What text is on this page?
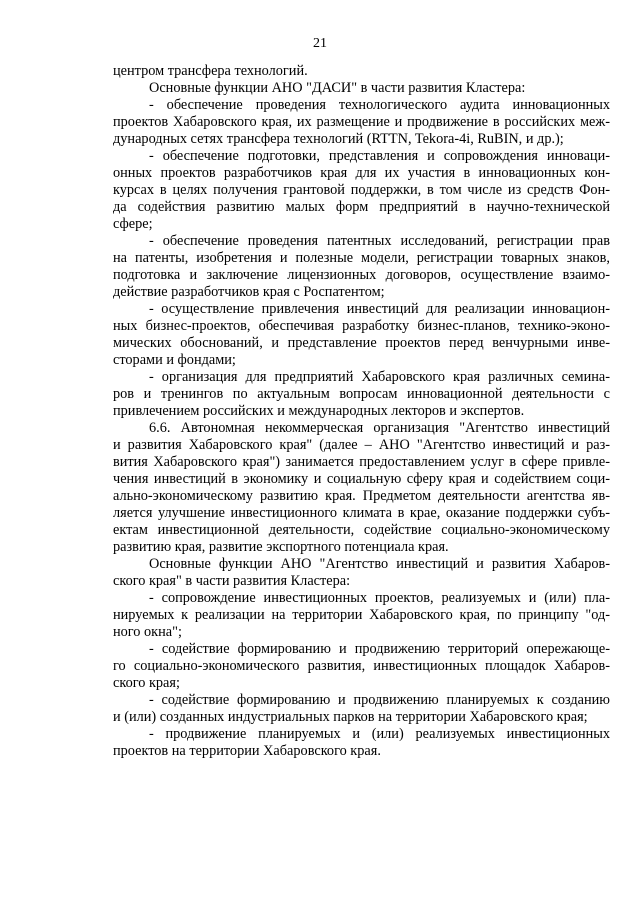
21
центром трансфера технологий.
Основные функции АНО "ДАСИ" в части развития Кластера:
- обеспечение проведения технологического аудита инновационных
проектов Хабаровского края, их размещение и продвижение в российских меж-
дународных сетях трансфера технологий (RTTN, Tekora-4i, RuBIN, и др.);
- обеспечение подготовки, представления и сопровождения инноваци-
онных проектов разработчиков края для их участия в инновационных кон-
курсах в целях получения грантовой поддержки, в том числе из средств Фон-
да содействия развитию малых форм предприятий в научно-технической
сфере;
- обеспечение проведения патентных исследований, регистрации прав
на патенты, изобретения и полезные модели, регистрации товарных знаков,
подготовка и заключение лицензионных договоров, осуществление взаимо-
действие разработчиков края с Роспатентом;
- осуществление привлечения инвестиций для реализации инновацион-
ных бизнес-проектов, обеспечивая разработку бизнес-планов, технико-эконо-
мических обоснований, и представление проектов перед венчурными инве-
сторами и фондами;
- организация для предприятий Хабаровского края различных семина-
ров и тренингов по актуальным вопросам инновационной деятельности с
привлечением российских и международных лекторов и экспертов.
6.6. Автономная некоммерческая организация "Агентство инвестиций
и развития Хабаровского края" (далее – АНО "Агентство инвестиций и раз-
вития Хабаровского края") занимается предоставлением услуг в сфере привле-
чения инвестиций в экономику и социальную сферу края и содействием соци-
ально-экономическому развитию края. Предметом деятельности агентства яв-
ляется улучшение инвестиционного климата в крае, оказание поддержки субъ-
ектам инвестиционной деятельности, содействие социально-экономическому
развитию края, развитие экспортного потенциала края.
Основные функции АНО "Агентство инвестиций и развития Хабаров-
ского края" в части развития Кластера:
- сопровождение инвестиционных проектов, реализуемых и (или) пла-
нируемых к реализации на территории Хабаровского края, по принципу "од-
ного окна";
- содействие формированию и продвижению территорий опережающе-
го социально-экономического развития, инвестиционных площадок Хабаров-
ского края;
- содействие формированию и продвижению планируемых к созданию
и (или) созданных индустриальных парков на территории Хабаровского края;
- продвижение планируемых и (или) реализуемых инвестиционных
проектов на территории Хабаровского края.
